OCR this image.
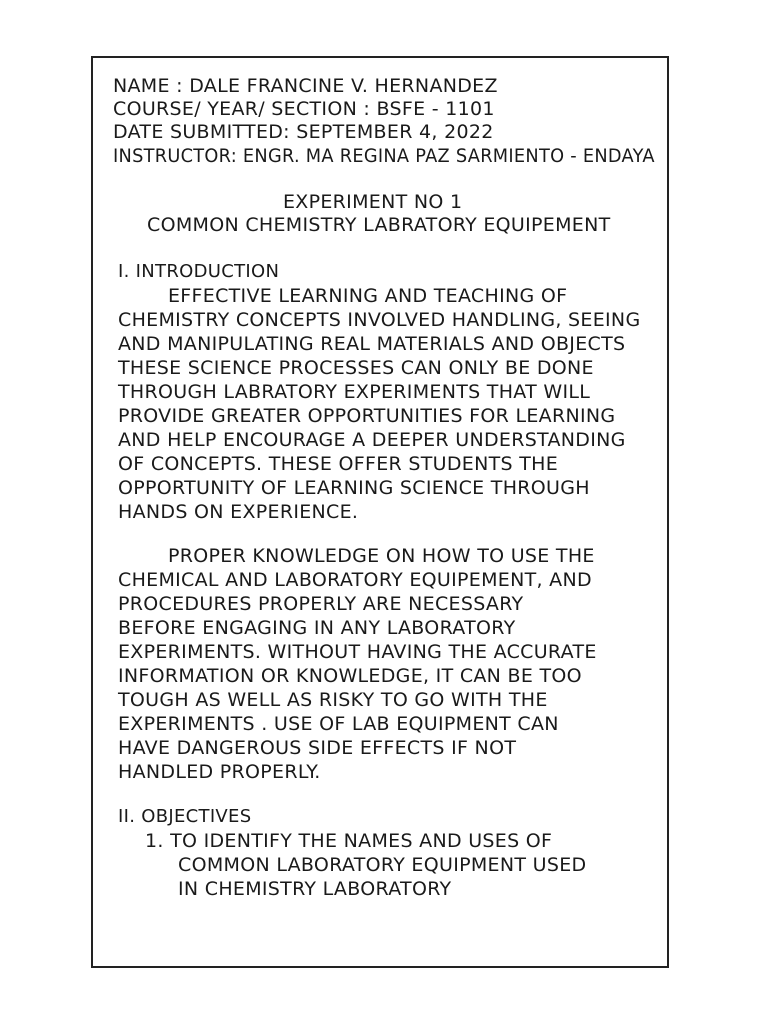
NAME : DALE FRANCINE V. HERNANDEZ
COURSE/ YEAR/ SECTION : BSFE - 1101
DATE SUBMITTED: SEPTEMBER 4, 2022
INSTRUCTOR: ENGR. MA REGINA PAZ SARMIENTO - ENDAYA
EXPERIMENT NO 1
COMMON CHEMISTRY LABRATORY EQUIPEMENT
I. INTRODUCTION
EFFECTIVE LEARNING AND TEACHING OF
CHEMISTRY CONCEPTS INVOLVED HANDLING, SEEING
AND MANIPULATING REAL MATERIALS AND OBJECTS
THESE SCIENCE PROCESSES CAN ONLY BE DONE
THROUGH LABRATORY EXPERIMENTS THAT WILL
PROVIDE GREATER OPPORTUNITIES FOR LEARNING
AND HELP ENCOURAGE A DEEPER UNDERSTANDING
OF CONCEPTS. THESE OFFER STUDENTS THE
OPPORTUNITY OF LEARNING SCIENCE THROUGH
HANDS ON EXPERIENCE.
PROPER KNOWLEDGE ON HOW TO USE THE
CHEMICAL AND LABORATORY EQUIPEMENT, AND
PROCEDURES PROPERLY ARE NECESSARY
BEFORE ENGAGING IN ANY LABORATORY
EXPERIMENTS. WITHOUT HAVING THE ACCURATE
INFORMATION OR KNOWLEDGE, IT CAN BE TOO
TOUGH AS WELL AS RISKY TO GO WITH THE
EXPERIMENTS . USE OF LAB EQUIPMENT CAN
HAVE DANGEROUS SIDE EFFECTS IF NOT
HANDLED PROPERLY.
II. OBJECTIVES
1. TO IDENTIFY THE NAMES AND USES OF
COMMON LABORATORY EQUIPMENT USED
IN CHEMISTRY LABORATORY
